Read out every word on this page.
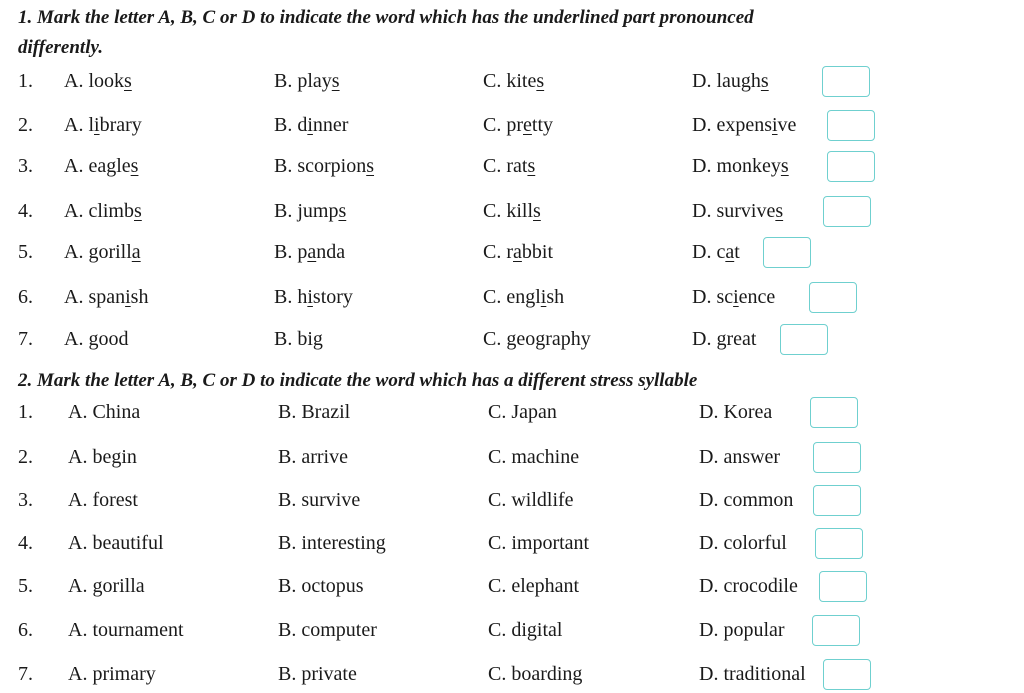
1. Mark the letter A, B, C or D to indicate the word which has the underlined part pronounced
differently.
1. A. looks	B. plays	C. kites	D. laughs
2. A. library	B. dinner	C. pretty	D. expensive
3. A. eagles	B. scorpions	C. rats	D. monkeys
4. A. climbs	B. jumps	C. kills	D. survives
5. A. gorilla	B. panda	C. rabbit	D. cat
6. A. spanish	B. history	C. english	D. science
7. A. good	B. big	C. geography	D. great
2. Mark the letter A, B, C or D to indicate the word which has a different stress syllable
1. A. China	B. Brazil	C. Japan	D. Korea
2. A. begin	B. arrive	C. machine	D. answer
3. A. forest	B. survive	C. wildlife	D. common
4. A. beautiful	B. interesting	C. important	D. colorful
5. A. gorilla	B. octopus	C. elephant	D. crocodile
6. A. tournament	B. computer	C. digital	D. popular
7. A. primary	B. private	C. boarding	D. traditional
